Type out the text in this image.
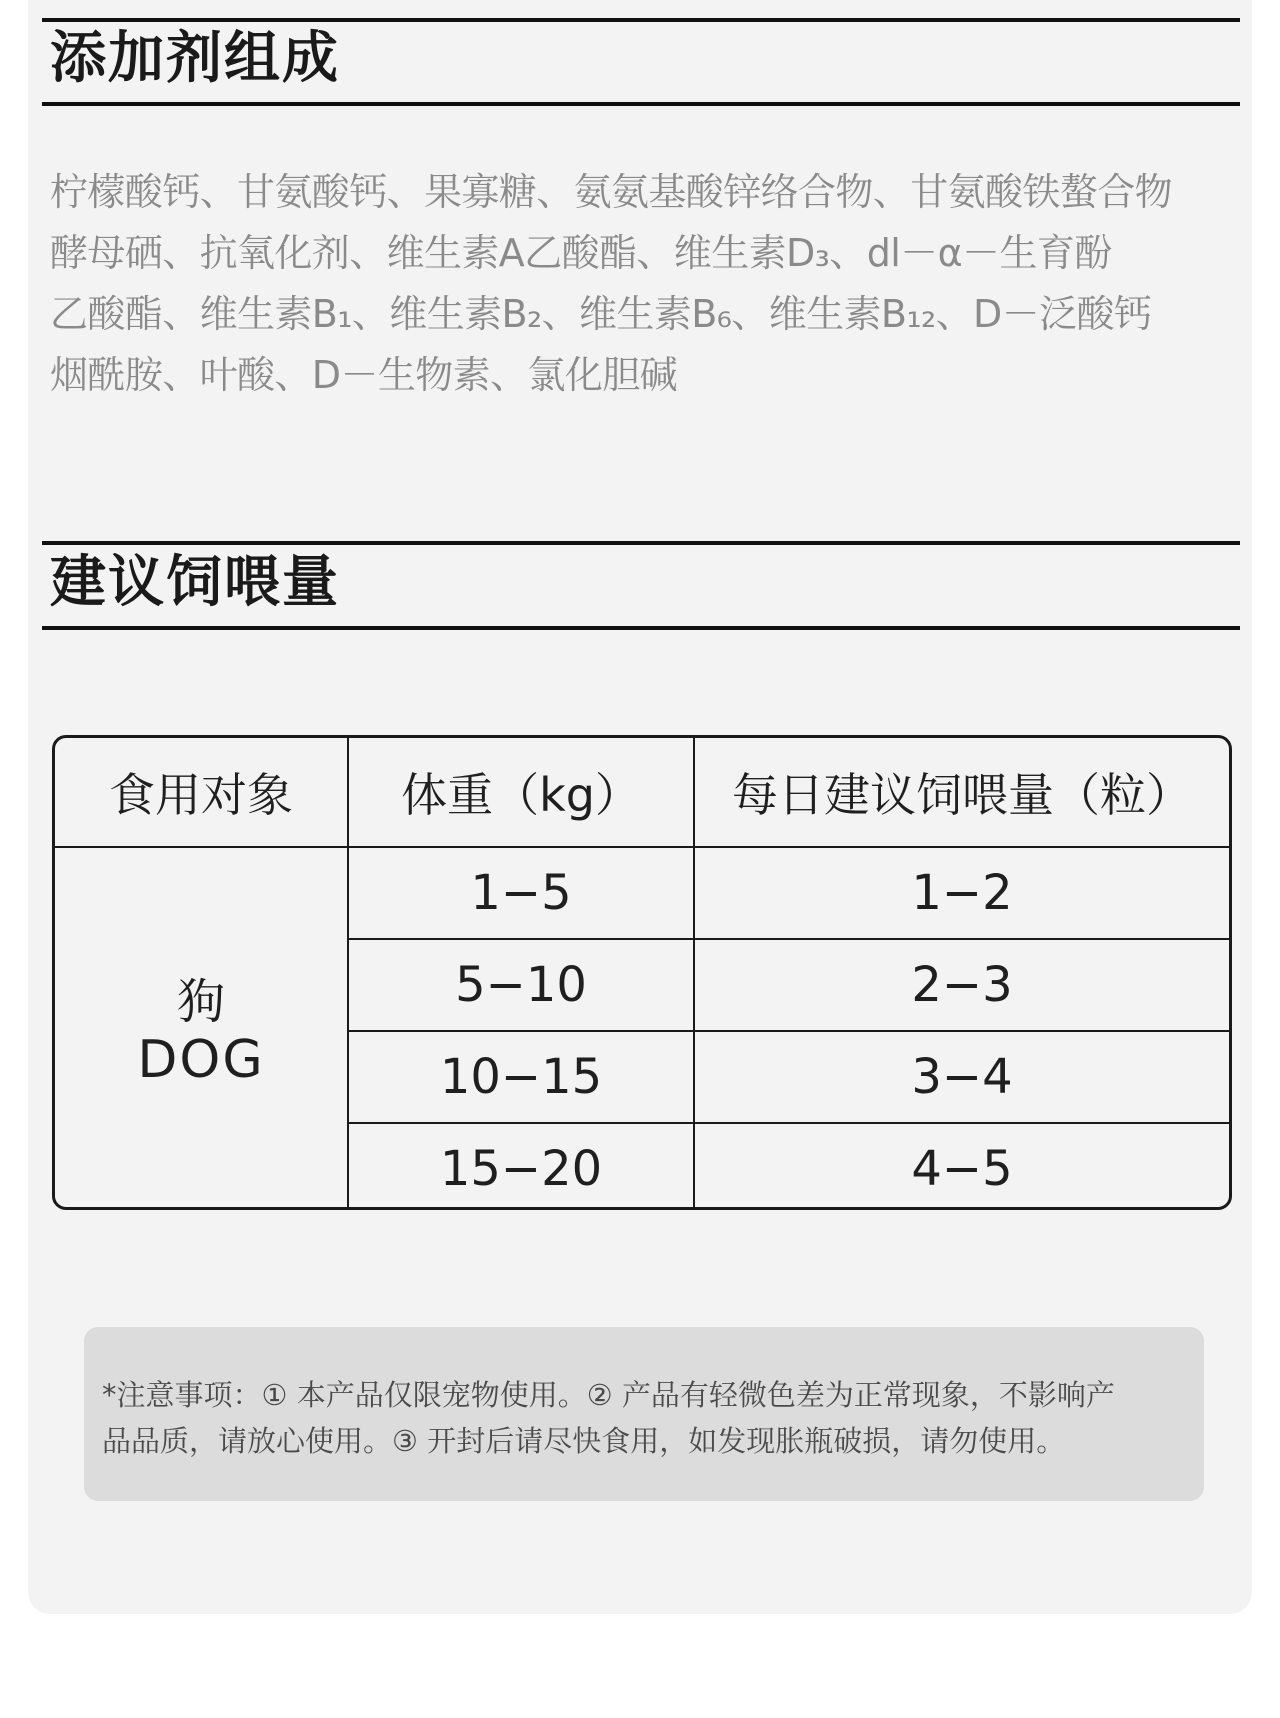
添加剂组成

柠檬酸钙、甘氨酸钙、果寡糖、氨氨基酸锌络合物、甘氨酸铁螯合物

酵母硒、抗氧化剂、维生素A乙酸酯、维生素D₃、dl－α－生育酚

乙酸酯、维生素B₁、维生素B₂、维生素B₆、维生素B₁₂、D－泛酸钙

烟酰胺、叶酸、D－生物素、氯化胆碱

建议饲喂量
食用对象	体重（kg）	每日建议饲喂量（粒）

狗
DOG	1−5	1−2
	5−10	2−3
	10−15	3−4
	15−20	4−5

*注意事项：① 本产品仅限宠物使用。② 产品有轻微色差为正常现象，不影响产

品品质，请放心使用。③ 开封后请尽快食用，如发现胀瓶破损，请勿使用。
